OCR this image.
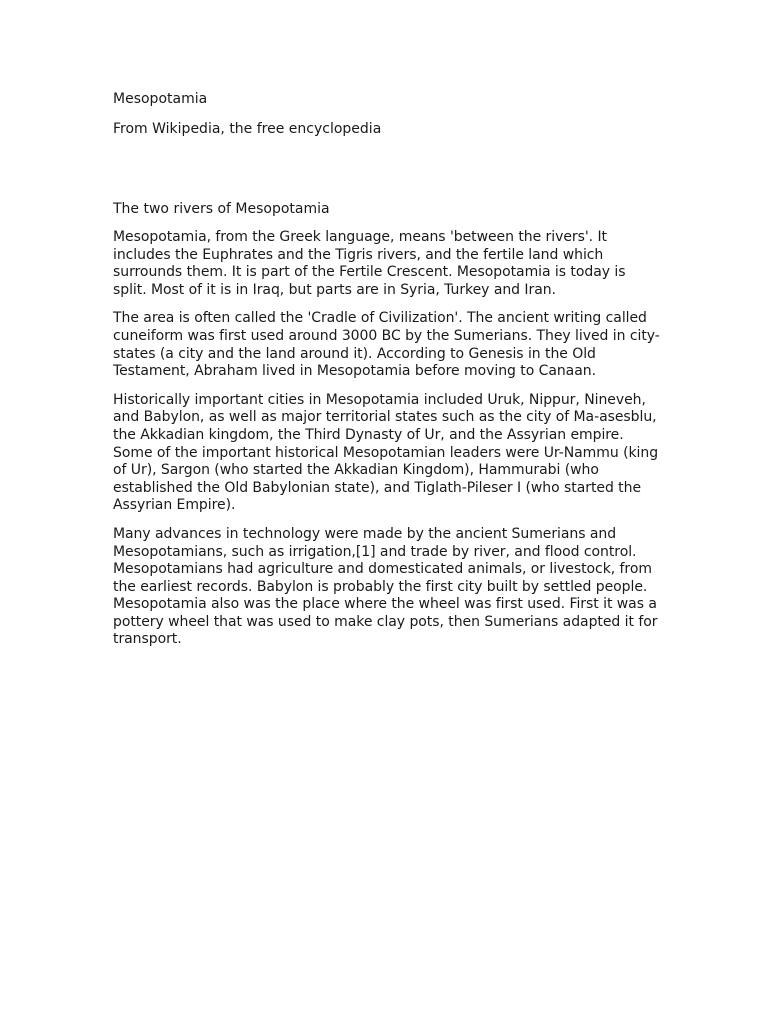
Mesopotamia

From Wikipedia, the free encyclopedia

The two rivers of Mesopotamia

Mesopotamia, from the Greek language, means 'between the rivers'. It includes the Euphrates and the Tigris rivers, and the fertile land which surrounds them. It is part of the Fertile Crescent. Mesopotamia is today is split. Most of it is in Iraq, but parts are in Syria, Turkey and Iran.

The area is often called the 'Cradle of Civilization'. The ancient writing called cuneiform was first used around 3000 BC by the Sumerians. They lived in city-states (a city and the land around it). According to Genesis in the Old Testament, Abraham lived in Mesopotamia before moving to Canaan.

Historically important cities in Mesopotamia included Uruk, Nippur, Nineveh, and Babylon, as well as major territorial states such as the city of Ma-asesblu, the Akkadian kingdom, the Third Dynasty of Ur, and the Assyrian empire. Some of the important historical Mesopotamian leaders were Ur-Nammu (king of Ur), Sargon (who started the Akkadian Kingdom), Hammurabi (who established the Old Babylonian state), and Tiglath-Pileser I (who started the Assyrian Empire).

Many advances in technology were made by the ancient Sumerians and Mesopotamians, such as irrigation,[1] and trade by river, and flood control. Mesopotamians had agriculture and domesticated animals, or livestock, from the earliest records. Babylon is probably the first city built by settled people. Mesopotamia also was the place where the wheel was first used. First it was a pottery wheel that was used to make clay pots, then Sumerians adapted it for transport.
